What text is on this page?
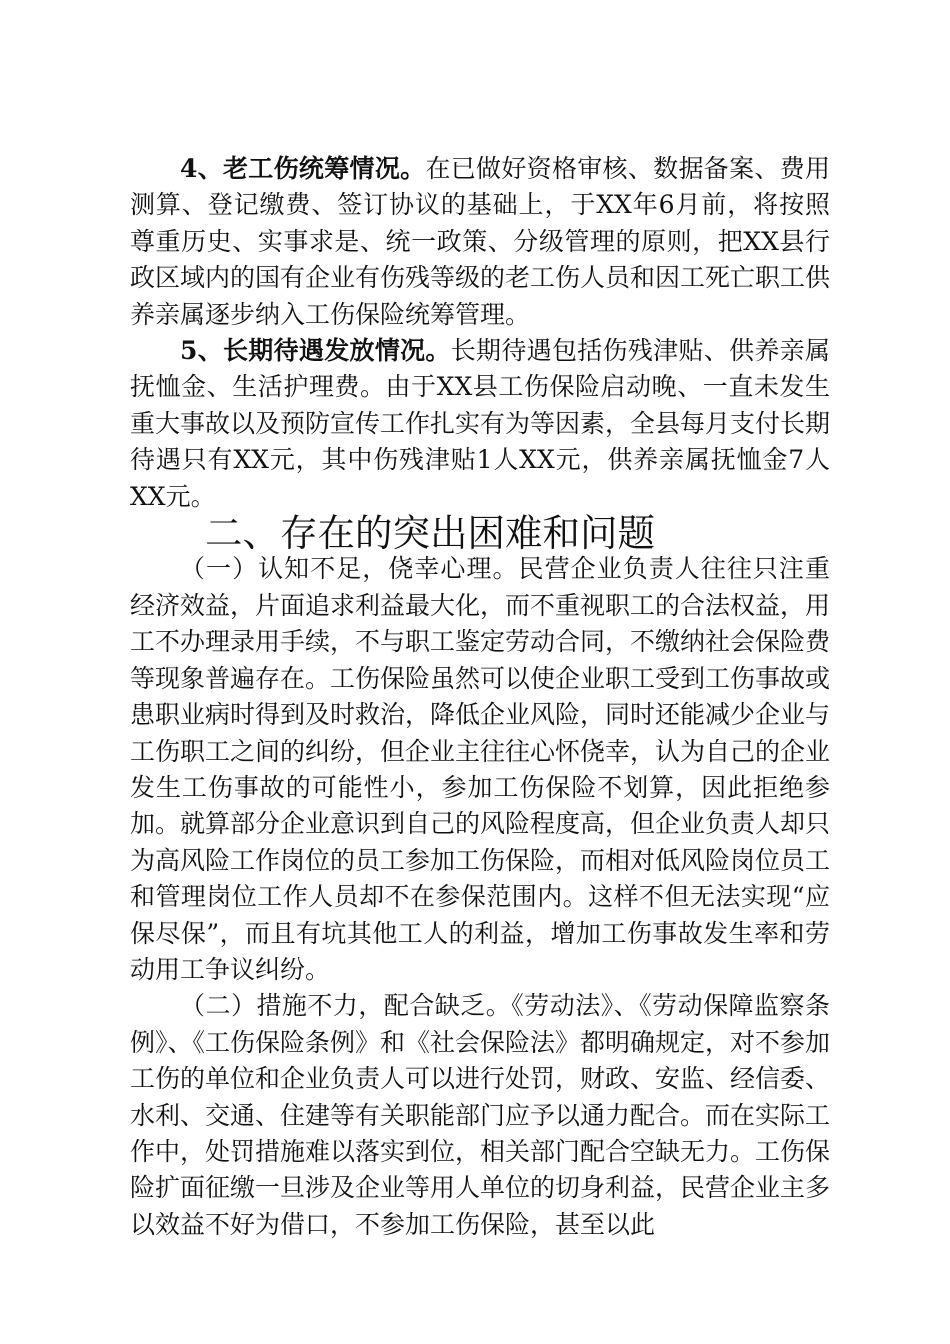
4、老工伤统筹情况。在已做好资格审核、数据备案、费用测算、登记缴费、签订协议的基础上，于XX年6月前，将按照尊重历史、实事求是、统一政策、分级管理的原则，把XX县行政区域内的国有企业有伤残等级的老工伤人员和因工死亡职工供养亲属逐步纳入工伤保险统筹管理。

5、长期待遇发放情况。长期待遇包括伤残津贴、供养亲属抚恤金、生活护理费。由于XX县工伤保险启动晚、一直未发生重大事故以及预防宣传工作扎实有为等因素，全县每月支付长期待遇只有XX元，其中伤残津贴1人XX元，供养亲属抚恤金7人XX元。

二、存在的突出困难和问题

（一）认知不足，侥幸心理。民营企业负责人往往只注重经济效益，片面追求利益最大化，而不重视职工的合法权益，用工不办理录用手续，不与职工鉴定劳动合同，不缴纳社会保险费等现象普遍存在。工伤保险虽然可以使企业职工受到工伤事故或患职业病时得到及时救治，降低企业风险，同时还能减少企业与工伤职工之间的纠纷，但企业主往往心怀侥幸，认为自己的企业发生工伤事故的可能性小，参加工伤保险不划算，因此拒绝参加。就算部分企业意识到自己的风险程度高，但企业负责人却只为高风险工作岗位的员工参加工伤保险，而相对低风险岗位员工和管理岗位工作人员却不在参保范围内。这样不但无法实现“应保尽保”，而且有坑其他工人的利益，增加工伤事故发生率和劳动用工争议纠纷。

（二）措施不力，配合缺乏。《劳动法》、《劳动保障监察条例》、《工伤保险条例》和《社会保险法》都明确规定，对不参加工伤的单位和企业负责人可以进行处罚，财政、安监、经信委、水利、交通、住建等有关职能部门应予以通力配合。而在实际工作中，处罚措施难以落实到位，相关部门配合空缺无力。工伤保险扩面征缴一旦涉及企业等用人单位的切身利益，民营企业主多以效益不好为借口，不参加工伤保险，甚至以此
